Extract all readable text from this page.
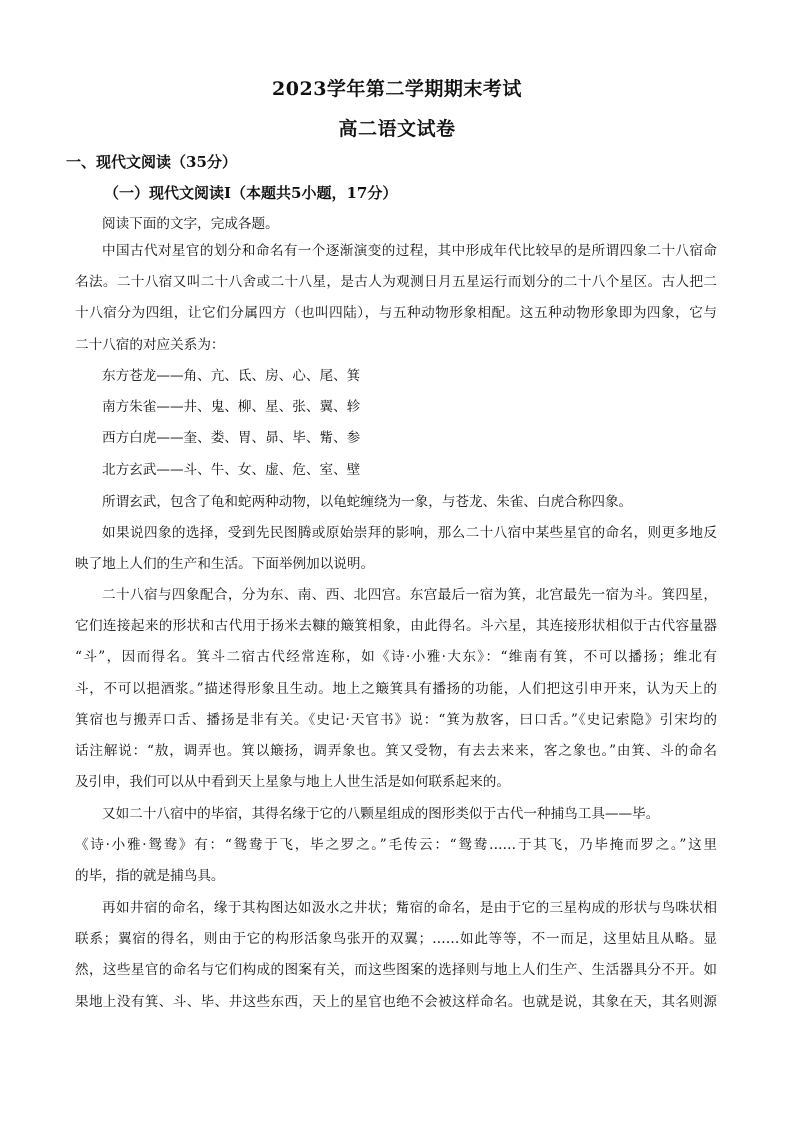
2023学年第二学期期末考试
高二语文试卷
一、现代文阅读（35分）
（一）现代文阅读Ⅰ（本题共5小题，17分）
阅读下面的文字，完成各题。
中国古代对星官的划分和命名有一个逐渐演变的过程，其中形成年代比较早的是所谓四象二十八宿命
名法。二十八宿又叫二十八舍或二十八星，是古人为观测日月五星运行而划分的二十八个星区。古人把二
十八宿分为四组，让它们分属四方（也叫四陆），与五种动物形象相配。这五种动物形象即为四象，它与
二十八宿的对应关系为：
东方苍龙——角、亢、氐、房、心、尾、箕
南方朱雀——井、鬼、柳、星、张、翼、轸
西方白虎——奎、娄、胃、昴、毕、觜、参
北方玄武——斗、牛、女、虚、危、室、壁
所谓玄武，包含了龟和蛇两种动物，以龟蛇缠绕为一象，与苍龙、朱雀、白虎合称四象。
如果说四象的选择，受到先民图腾或原始崇拜的影响，那么二十八宿中某些星官的命名，则更多地反
映了地上人们的生产和生活。下面举例加以说明。
二十八宿与四象配合，分为东、南、西、北四宫。东宫最后一宿为箕，北宫最先一宿为斗。箕四星，
它们连接起来的形状和古代用于扬米去糠的簸箕相象，由此得名。斗六星，其连接形状相似于古代容量器
“斗”，因而得名。箕斗二宿古代经常连称，如《诗·小雅·大东》：“维南有箕，不可以播扬；维北有
斗，不可以挹酒浆。”描述得形象且生动。地上之簸箕具有播扬的功能，人们把这引申开来，认为天上的
箕宿也与搬弄口舌、播扬是非有关。《史记·天官书》说：“箕为敖客，曰口舌。”《史记索隐》引宋均的
话注解说：“敖，调弄也。箕以簸扬，调弄象也。箕又受物，有去去来来，客之象也。”由箕、斗的命名
及引申，我们可以从中看到天上星象与地上人世生活是如何联系起来的。
又如二十八宿中的毕宿，其得名缘于它的八颗星组成的图形类似于古代一种捕鸟工具——毕。
《诗·小雅·鸳鸯》有：“鸳鸯于飞，毕之罗之。”毛传云：“鸳鸯……于其飞，乃毕掩而罗之。”这里
的毕，指的就是捕鸟具。
再如井宿的命名，缘于其构图达如汲水之井状；觜宿的命名，是由于它的三星构成的形状与鸟咮状相
联系；翼宿的得名，则由于它的构形活象鸟张开的双翼；……如此等等，不一而足，这里姑且从略。显
然，这些星官的命名与它们构成的图案有关，而这些图案的选择则与地上人们生产、生活器具分不开。如
果地上没有箕、斗、毕、井这些东西，天上的星官也绝不会被这样命名。也就是说，其象在天，其名则源
